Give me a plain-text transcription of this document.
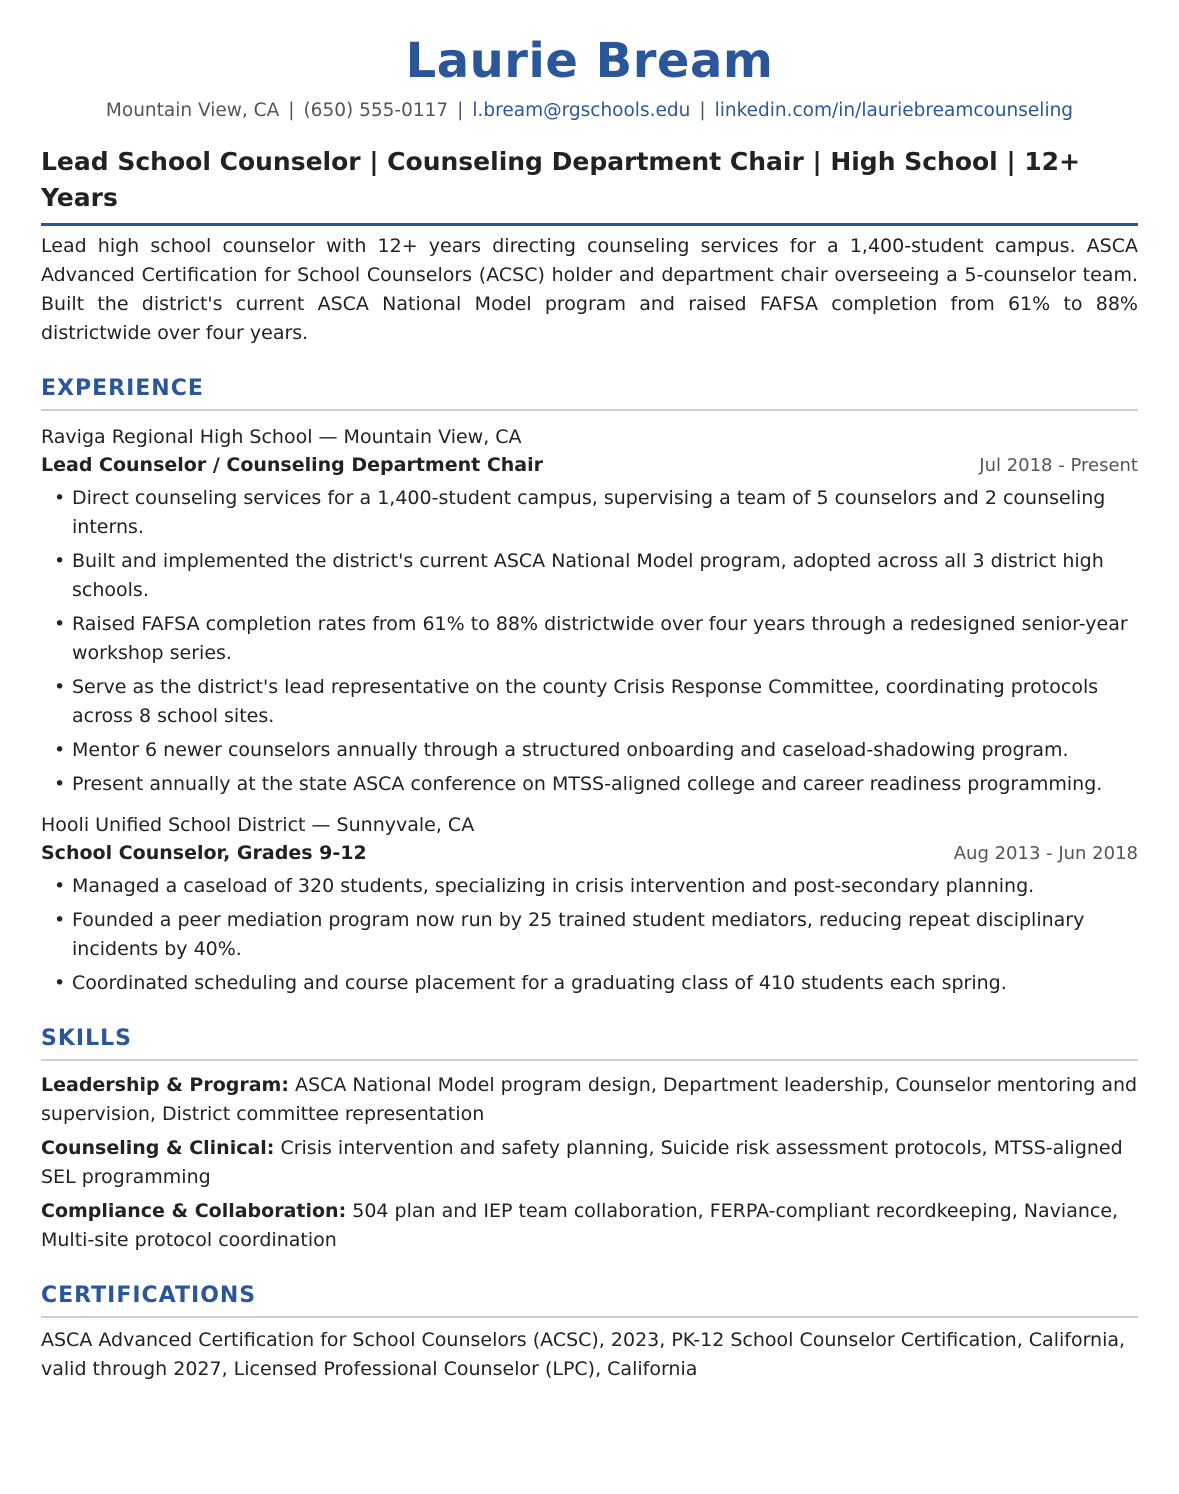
Laurie Bream
Mountain View, CA | (650) 555-0117 | l.bream@rgschools.edu | linkedin.com/in/lauriebreamcounseling
Lead School Counselor | Counseling Department Chair | High School | 12+ Years
Lead high school counselor with 12+ years directing counseling services for a 1,400-student campus. ASCA Advanced Certification for School Counselors (ACSC) holder and department chair overseeing a 5-counselor team. Built the district's current ASCA National Model program and raised FAFSA completion from 61% to 88% districtwide over four years.
EXPERIENCE
Raviga Regional High School — Mountain View, CA
Lead Counselor / Counseling Department Chair	Jul 2018 - Present
• Direct counseling services for a 1,400-student campus, supervising a team of 5 counselors and 2 counseling interns.
• Built and implemented the district's current ASCA National Model program, adopted across all 3 district high schools.
• Raised FAFSA completion rates from 61% to 88% districtwide over four years through a redesigned senior-year workshop series.
• Serve as the district's lead representative on the county Crisis Response Committee, coordinating protocols across 8 school sites.
• Mentor 6 newer counselors annually through a structured onboarding and caseload-shadowing program.
• Present annually at the state ASCA conference on MTSS-aligned college and career readiness programming.
Hooli Unified School District — Sunnyvale, CA
School Counselor, Grades 9-12	Aug 2013 - Jun 2018
• Managed a caseload of 320 students, specializing in crisis intervention and post-secondary planning.
• Founded a peer mediation program now run by 25 trained student mediators, reducing repeat disciplinary incidents by 40%.
• Coordinated scheduling and course placement for a graduating class of 410 students each spring.
SKILLS
Leadership & Program: ASCA National Model program design, Department leadership, Counselor mentoring and supervision, District committee representation
Counseling & Clinical: Crisis intervention and safety planning, Suicide risk assessment protocols, MTSS-aligned SEL programming
Compliance & Collaboration: 504 plan and IEP team collaboration, FERPA-compliant recordkeeping, Naviance, Multi-site protocol coordination
CERTIFICATIONS
ASCA Advanced Certification for School Counselors (ACSC), 2023, PK-12 School Counselor Certification, California, valid through 2027, Licensed Professional Counselor (LPC), California
